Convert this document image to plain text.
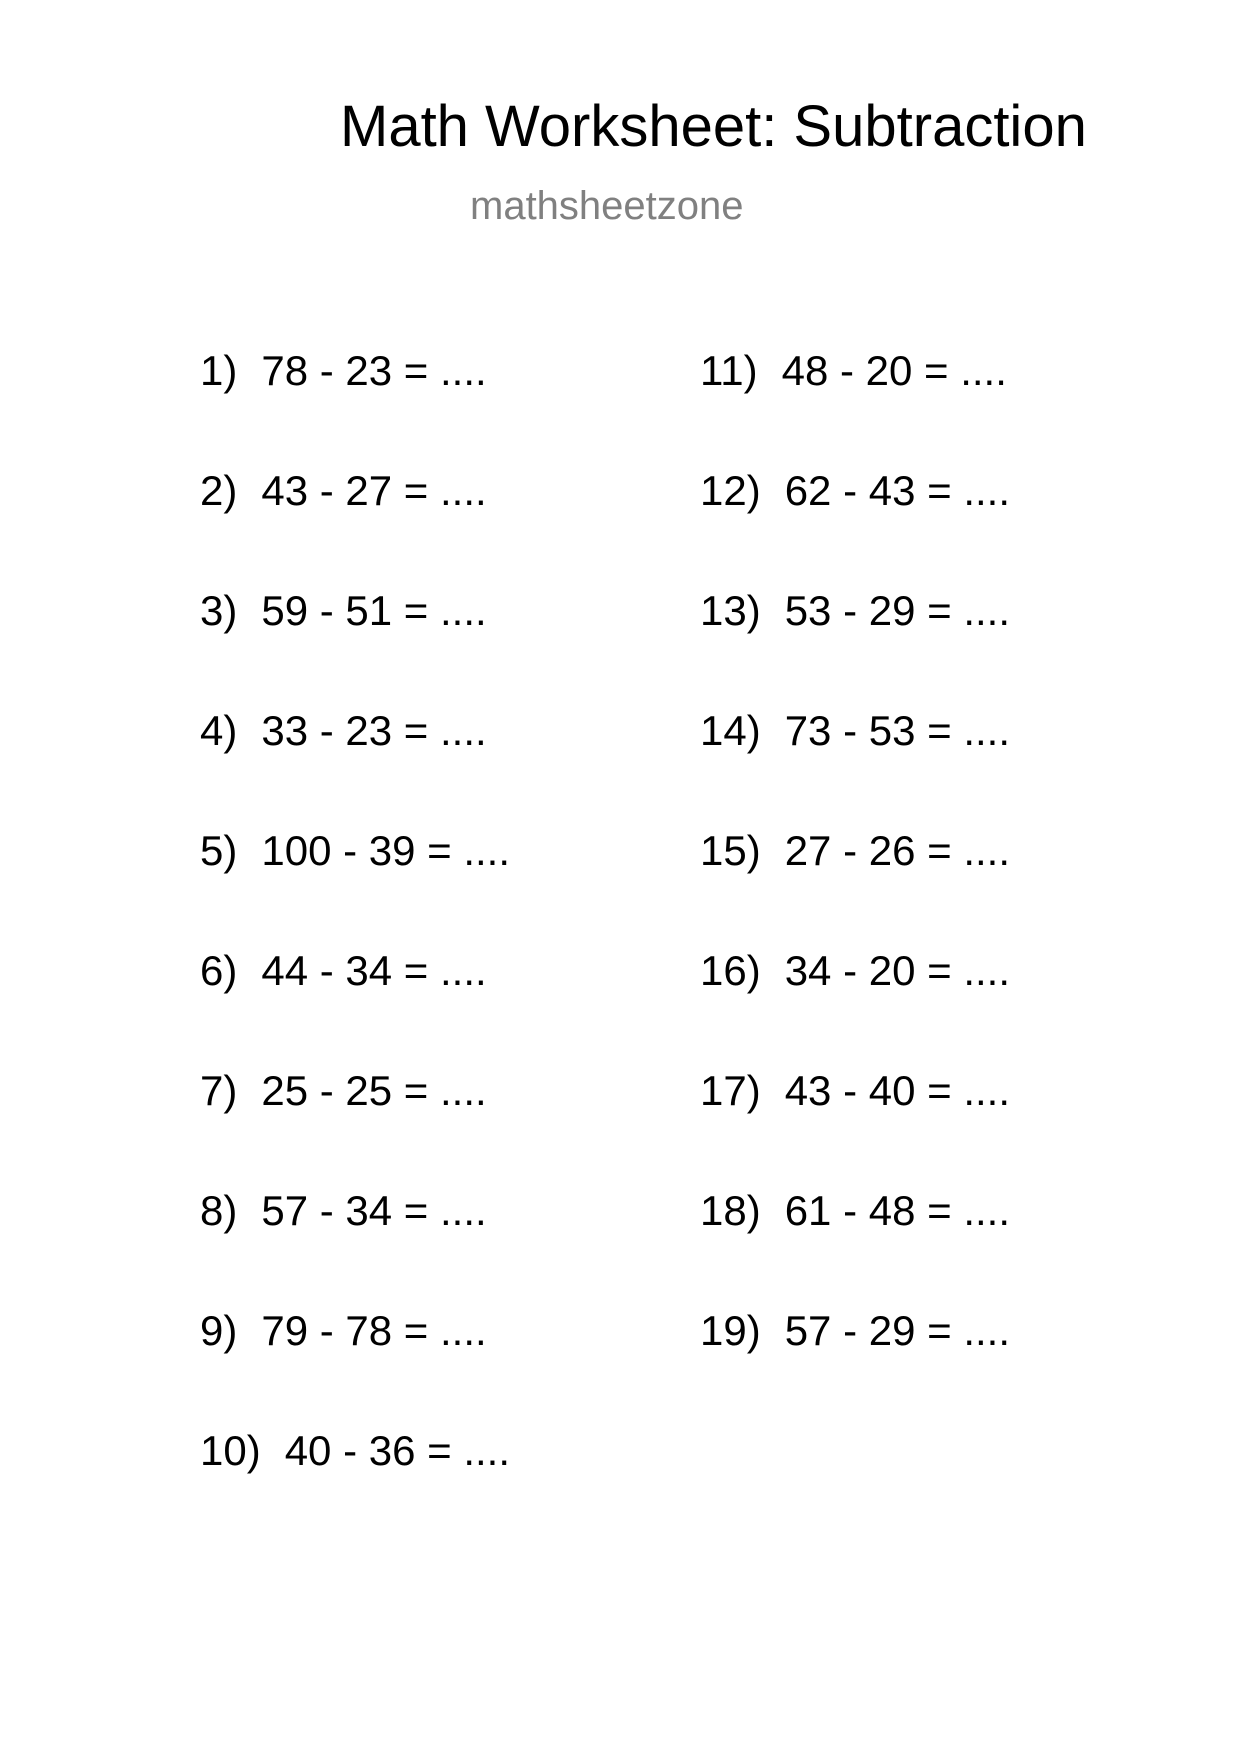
Math Worksheet: Subtraction
mathsheetzone
1) 78 - 23 = ....
2) 43 - 27 = ....
3) 59 - 51 = ....
4) 33 - 23 = ....
5) 100 - 39 = ....
6) 44 - 34 = ....
7) 25 - 25 = ....
8) 57 - 34 = ....
9) 79 - 78 = ....
10) 40 - 36 = ....
11) 48 - 20 = ....
12) 62 - 43 = ....
13) 53 - 29 = ....
14) 73 - 53 = ....
15) 27 - 26 = ....
16) 34 - 20 = ....
17) 43 - 40 = ....
18) 61 - 48 = ....
19) 57 - 29 = ....
